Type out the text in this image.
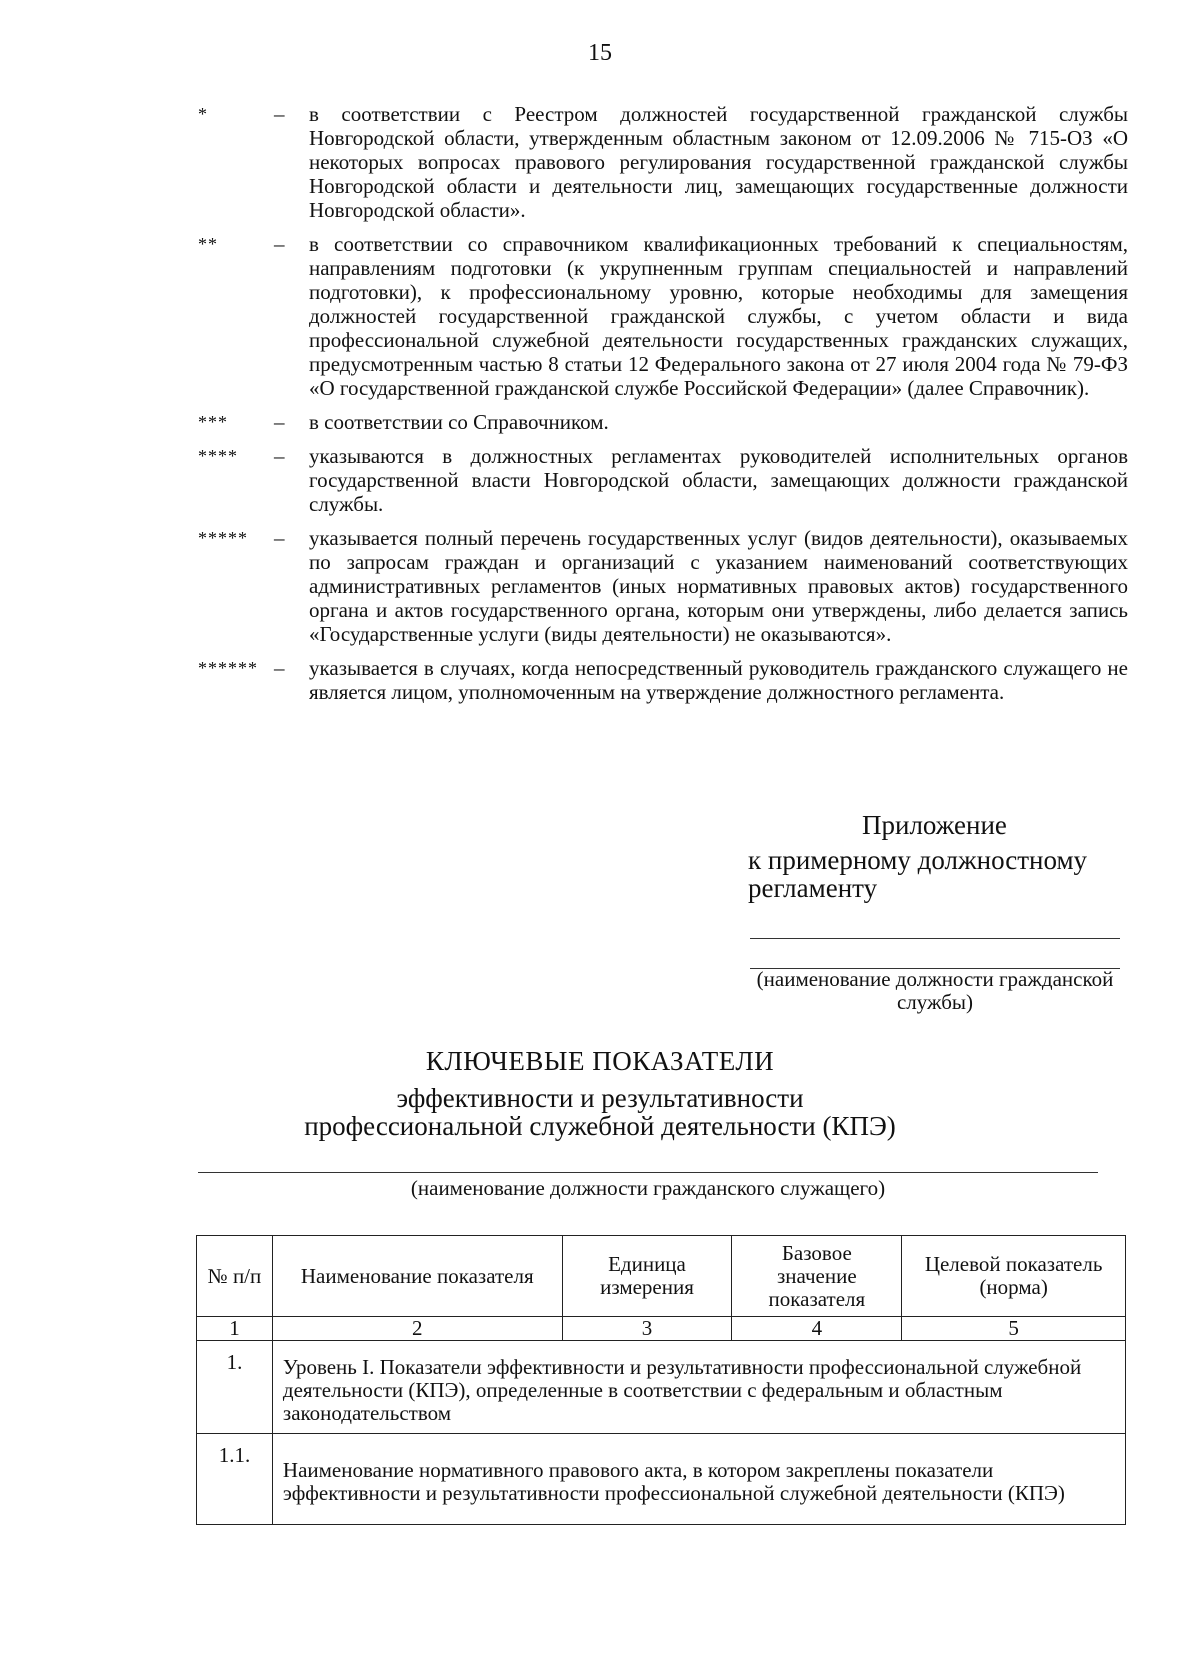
15
*	–	в соответствии с Реестром должностей государственной гражданской службы Новгородской области, утвержденным областным законом от 12.09.2006 № 715-ОЗ «О некоторых вопросах правового регулирования государственной гражданской службы Новгородской области и деятельности лиц, замещающих государственные должности Новгородской области».
**	–	в соответствии со справочником квалификационных требований к специальностям, направлениям подготовки (к укрупненным группам специальностей и направлений подготовки), к профессиональному уровню, которые необходимы для замещения должностей государственной гражданской службы, с учетом области и вида профессиональной служебной деятельности государственных гражданских служащих, предусмотренным частью 8 статьи 12 Федерального закона от 27 июля 2004 года № 79-ФЗ «О государственной гражданской службе Российской Федерации» (далее Справочник).
***	–	в соответствии со Справочником.
****	–	указываются в должностных регламентах руководителей исполнительных органов государственной власти Новгородской области, замещающих должности гражданской службы.
*****	–	указывается полный перечень государственных услуг (видов деятельности), оказываемых по запросам граждан и организаций с указанием наименований соответствующих административных регламентов (иных нормативных правовых актов) государственного органа и актов государственного органа, которым они утверждены, либо делается запись «Государственные услуги (виды деятельности) не оказываются».
****** –	указывается в случаях, когда непосредственный руководитель гражданского служащего не является лицом, уполномоченным на утверждение должностного регламента.
Приложение
к примерному должностному регламенту
(наименование должности гражданской службы)
КЛЮЧЕВЫЕ ПОКАЗАТЕЛИ
эффективности и результативности профессиональной служебной деятельности (КПЭ)
(наименование должности гражданского служащего)
№ п/п	Наименование показателя	Единица измерения	Базовое значение показателя	Целевой показатель (норма)
1	2	3	4	5
1.	Уровень I. Показатели эффективности и результативности профессиональной служебной деятельности (КПЭ), определенные в соответствии с федеральным и областным законодательством			
1.1.	Наименование нормативного правового акта, в котором закреплены показатели эффективности и результативности профессиональной служебной деятельности (КПЭ)			
